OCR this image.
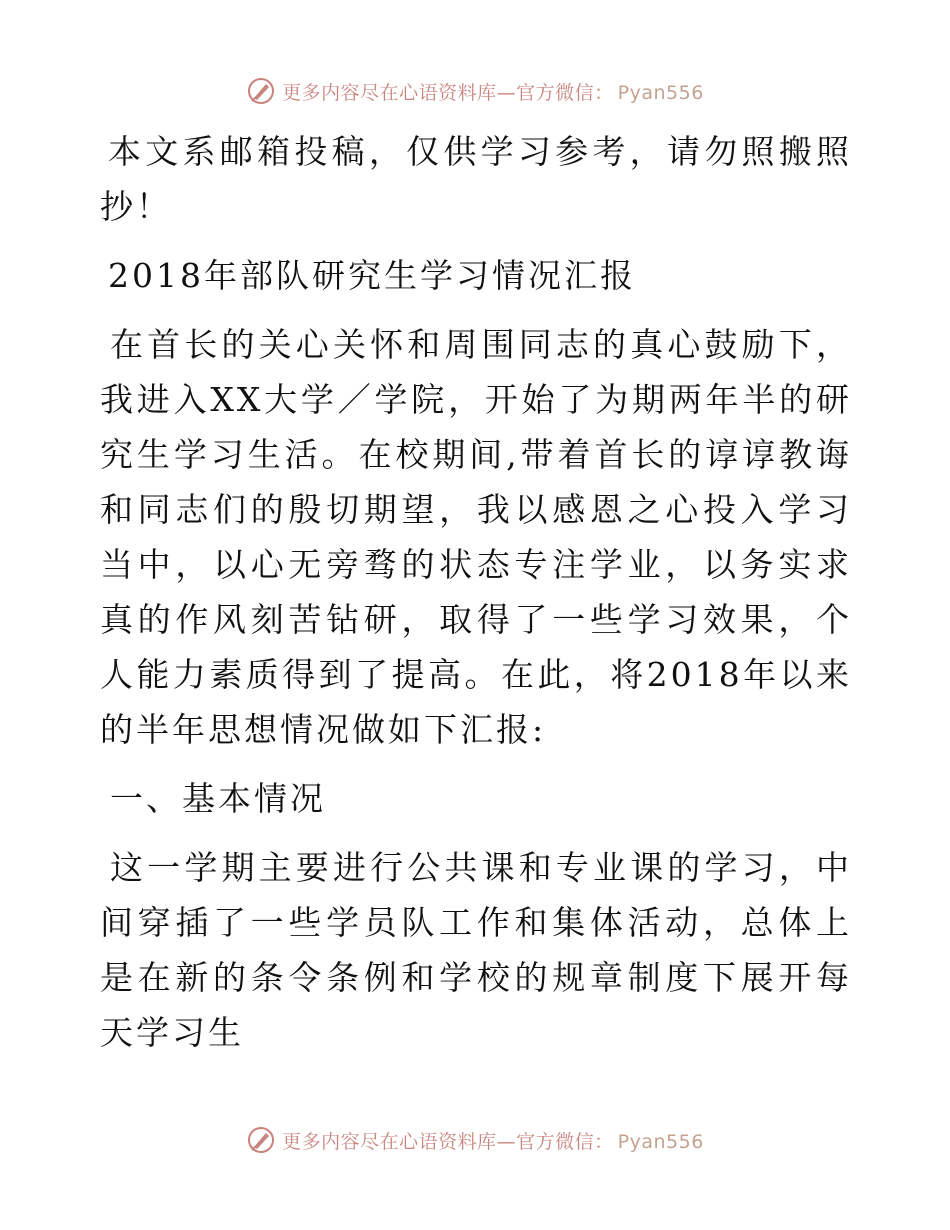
更多内容尽在心语资料库—官方微信： Pyan556

本文系邮箱投稿，仅供学习参考，请勿照搬照抄！

2018年部队研究生学习情况汇报

在首长的关心关怀和周围同志的真心鼓励下，我进入XX大学／学院，开始了为期两年半的研究生学习生活。在校期间,带着首长的谆谆教诲和同志们的殷切期望，我以感恩之心投入学习当中，以心无旁骛的状态专注学业，以务实求真的作风刻苦钻研，取得了一些学习效果，个人能力素质得到了提高。在此，将2018年以来的半年思想情况做如下汇报:

一、基本情况

这一学期主要进行公共课和专业课的学习，中间穿插了一些学员队工作和集体活动，总体上是在新的条令条例和学校的规章制度下展开每天学习生

更多内容尽在心语资料库—官方微信： Pyan556
